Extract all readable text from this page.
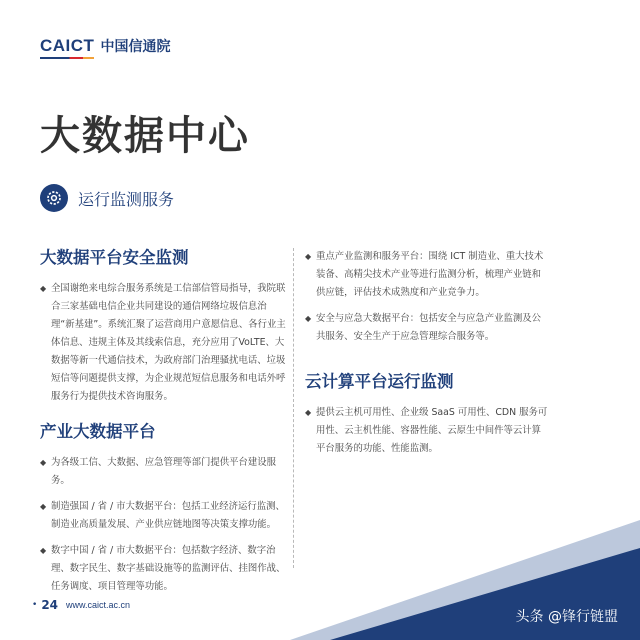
CAICT 中国信通院
大数据中心
运行监测服务
大数据平台安全监测
◆ 全国谢绝来电综合服务系统是工信部信管局指导，我院联合三家基础电信企业共同建设的通信网络垃圾信息治理“新基建”。系统汇聚了运营商用户意愿信息、各行业主体信息、违规主体及其线索信息，充分应用了VoLTE、大数据等新一代通信技术，为政府部门治理骚扰电话、垃圾短信等问题提供支撑，为企业规范短信息服务和电话外呼服务行为提供技术咨询服务。
产业大数据平台
◆ 为各级工信、大数据、应急管理等部门提供平台建设服务。
◆ 制造强国 / 省 / 市大数据平台：包括工业经济运行监测、制造业高质量发展、产业供应链地图等决策支撑功能。
◆ 数字中国 / 省 / 市大数据平台：包括数字经济、数字治理、数字民生、数字基础设施等的监测评估、挂图作战、任务调度、项目管理等功能。
◆ 重点产业监测和服务平台：围绕 ICT 制造业、重大技术装备、高精尖技术产业等进行监测分析，梳理产业链和供应链，评估技术成熟度和产业竞争力。
◆ 安全与应急大数据平台：包括安全与应急产业监测及公共服务、安全生产于应急管理综合服务等。
云计算平台运行监测
◆ 提供云主机可用性、企业级 SaaS 可用性、CDN 服务可用性、云主机性能、容器性能、云原生中间件等云计算平台服务的功能、性能监测。
• 24 www.caict.ac.cn
头条 @锋行链盟
